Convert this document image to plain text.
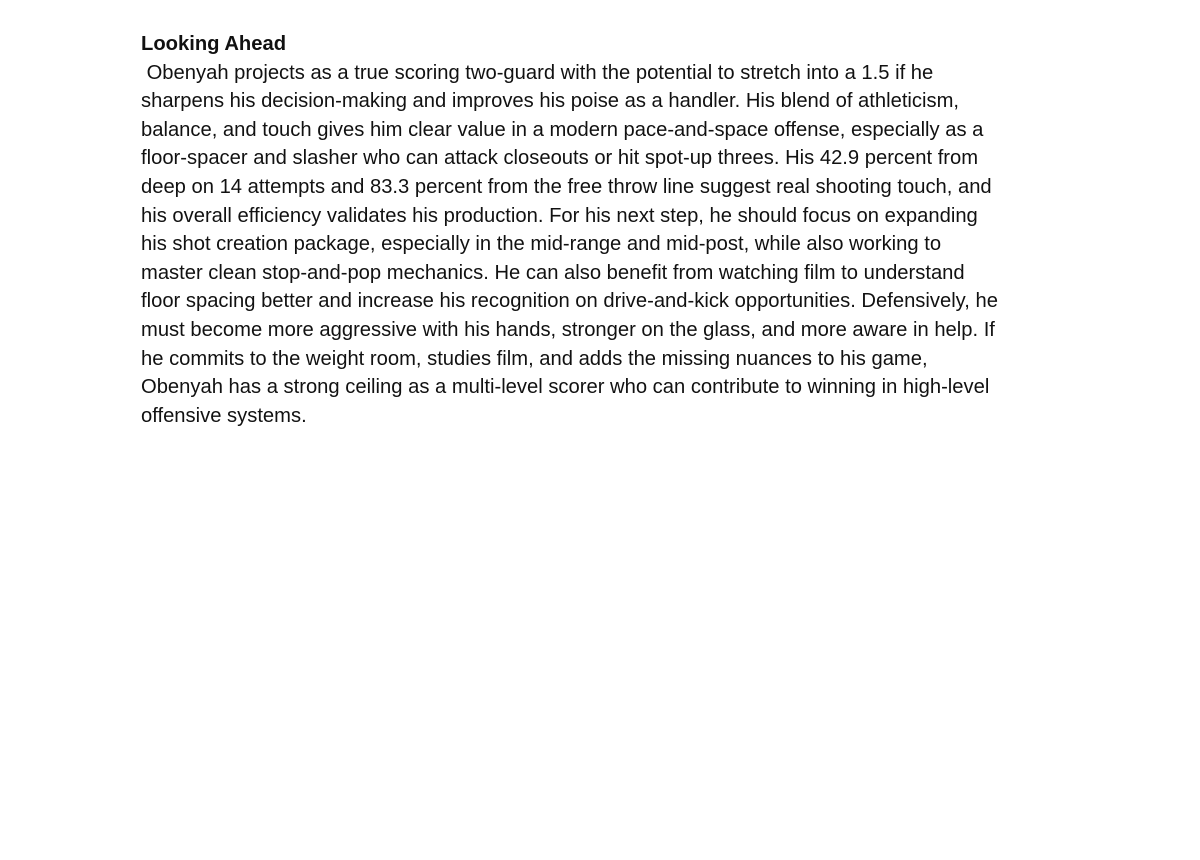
Looking Ahead
Obenyah projects as a true scoring two-guard with the potential to stretch into a 1.5 if he
sharpens his decision-making and improves his poise as a handler. His blend of athleticism,
balance, and touch gives him clear value in a modern pace-and-space offense, especially as a
floor-spacer and slasher who can attack closeouts or hit spot-up threes. His 42.9 percent from
deep on 14 attempts and 83.3 percent from the free throw line suggest real shooting touch, and
his overall efficiency validates his production. For his next step, he should focus on expanding
his shot creation package, especially in the mid-range and mid-post, while also working to
master clean stop-and-pop mechanics. He can also benefit from watching film to understand
floor spacing better and increase his recognition on drive-and-kick opportunities. Defensively, he
must become more aggressive with his hands, stronger on the glass, and more aware in help. If
he commits to the weight room, studies film, and adds the missing nuances to his game,
Obenyah has a strong ceiling as a multi-level scorer who can contribute to winning in high-level
offensive systems.
